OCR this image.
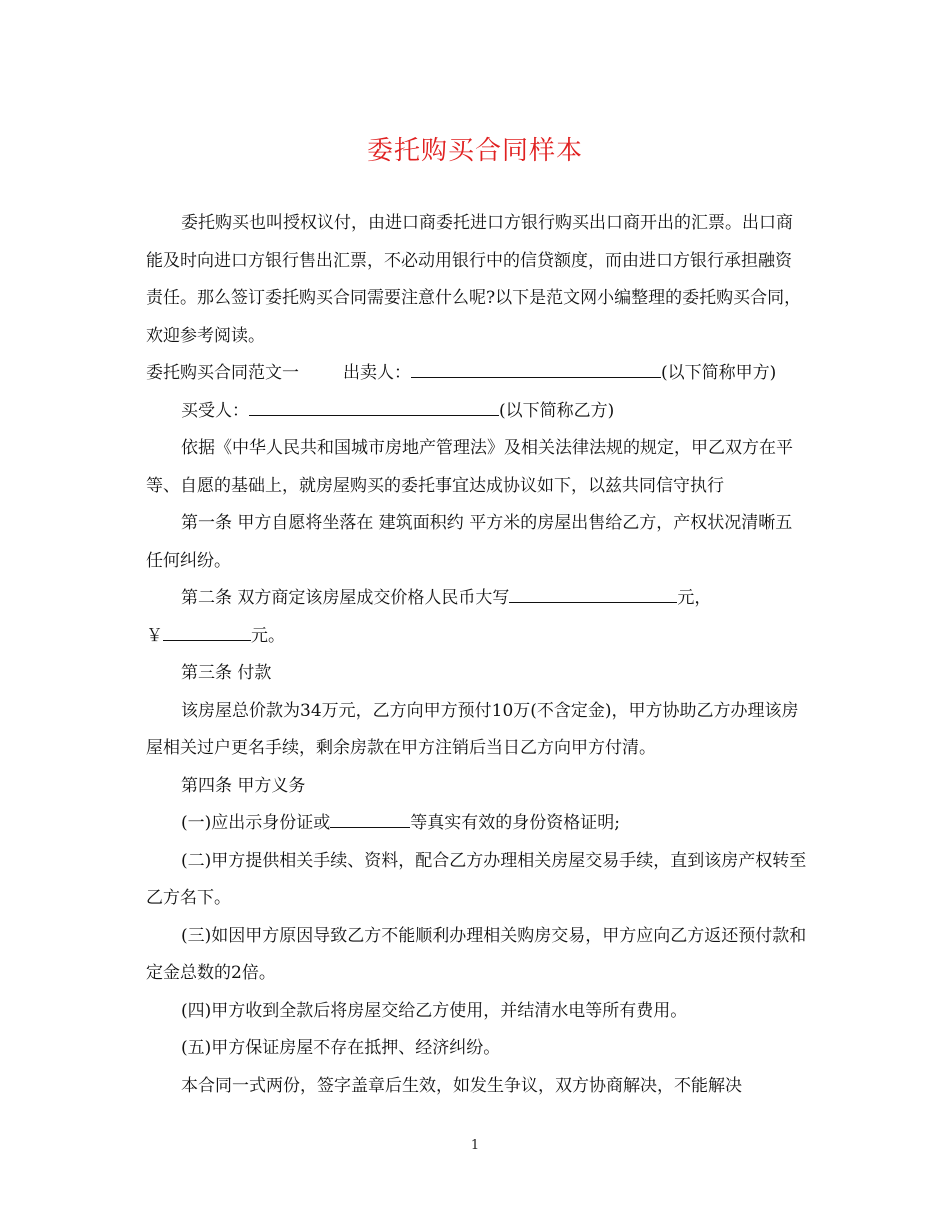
委托购买合同样本

委托购买也叫授权议付，由进口商委托进口方银行购买出口商开出的汇票。出口商能及时向进口方银行售出汇票，不必动用银行中的信贷额度，而由进口方银行承担融资责任。那么签订委托购买合同需要注意什么呢?以下是范文网小编整理的委托购买合同，欢迎参考阅读。

委托购买合同范文一	出卖人：	(以下简称甲方)

买受人：	(以下简称乙方)

依据《中华人民共和国城市房地产管理法》及相关法律法规的规定，甲乙双方在平等、自愿的基础上，就房屋购买的委托事宜达成协议如下，以兹共同信守执行

第一条 甲方自愿将坐落在 建筑面积约 平方米的房屋出售给乙方，产权状况清晰五任何纠纷。

第二条 双方商定该房屋成交价格人民币大写	元，

￥	元。

第三条 付款

该房屋总价款为34万元，乙方向甲方预付10万(不含定金)，甲方协助乙方办理该房屋相关过户更名手续，剩余房款在甲方注销后当日乙方向甲方付清。

第四条 甲方义务

(一)应出示身份证或	等真实有效的身份资格证明;

(二)甲方提供相关手续、资料，配合乙方办理相关房屋交易手续，直到该房产权转至乙方名下。

(三)如因甲方原因导致乙方不能顺利办理相关购房交易，甲方应向乙方返还预付款和定金总数的2倍。

(四)甲方收到全款后将房屋交给乙方使用，并结清水电等所有费用。

(五)甲方保证房屋不存在抵押、经济纠纷。

本合同一式两份，签字盖章后生效，如发生争议，双方协商解决，不能解决

1
